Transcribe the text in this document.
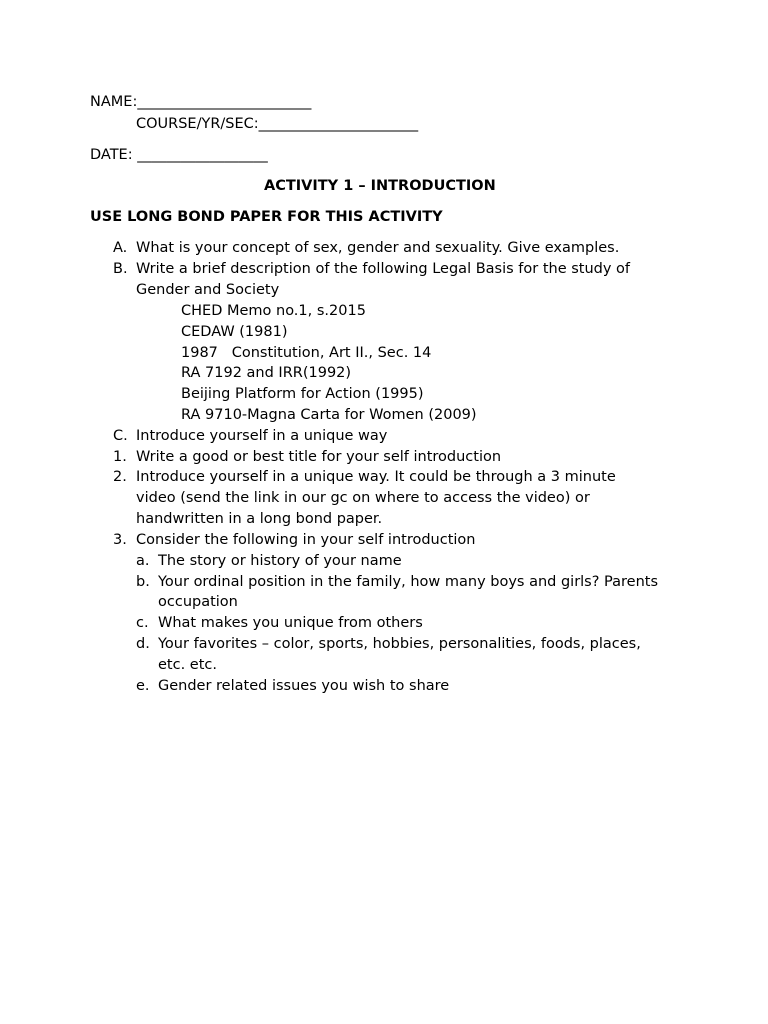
NAME:________________________
COURSE/YR/SEC:______________________
DATE: __________________
ACTIVITY 1 – INTRODUCTION
USE LONG BOND PAPER FOR THIS ACTIVITY
A. What is your concept of sex, gender and sexuality. Give examples.
B. Write a brief description of the following Legal Basis for the study of
Gender and Society
CHED Memo no.1, s.2015
CEDAW (1981)
1987   Constitution, Art II., Sec. 14
RA 7192 and IRR(1992)
Beijing Platform for Action (1995)
RA 9710-Magna Carta for Women (2009)
C. Introduce yourself in a unique way
1. Write a good or best title for your self introduction
2. Introduce yourself in a unique way. It could be through a 3 minute
video (send the link in our gc on where to access the video) or
handwritten in a long bond paper.
3. Consider the following in your self introduction
a. The story or history of your name
b. Your ordinal position in the family, how many boys and girls? Parents
occupation
c. What makes you unique from others
d. Your favorites – color, sports, hobbies, personalities, foods, places,
etc. etc.
e. Gender related issues you wish to share
